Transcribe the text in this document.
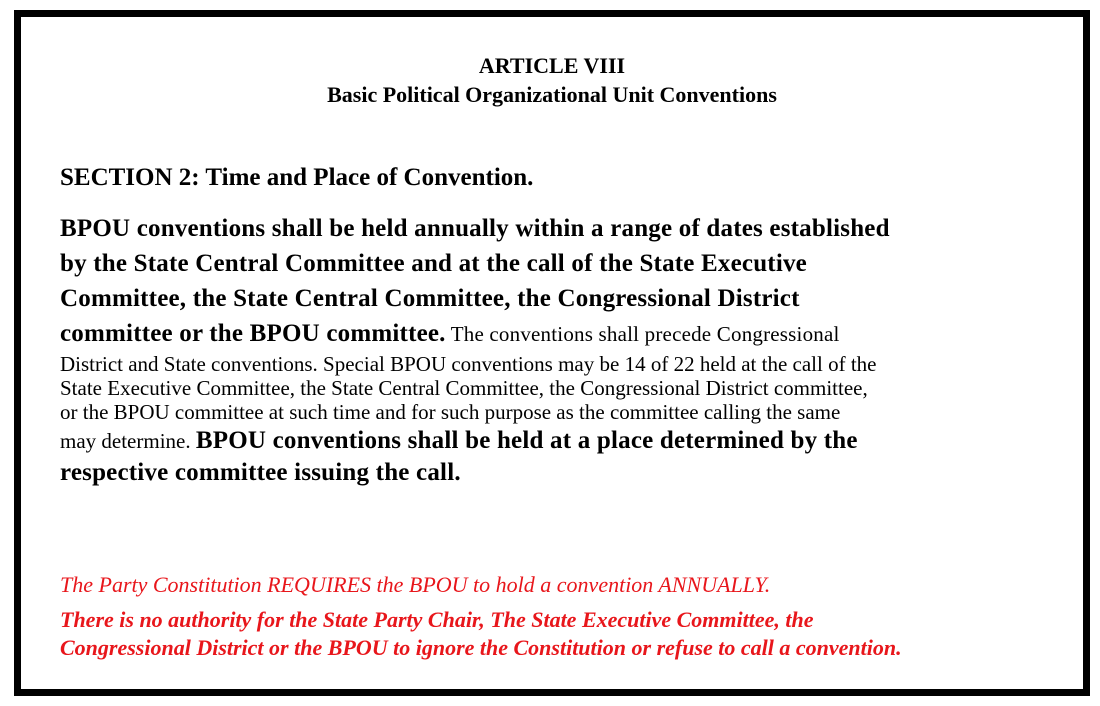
ARTICLE VIII
Basic Political Organizational Unit Conventions
SECTION 2: Time and Place of Convention.
BPOU conventions shall be held annually within a range of dates established
by the State Central Committee and at the call of the State Executive
Committee, the State Central Committee, the Congressional District
committee or the BPOU committee. The conventions shall precede Congressional
District and State conventions. Special BPOU conventions may be 14 of 22 held at the call of the
State Executive Committee, the State Central Committee, the Congressional District committee,
or the BPOU committee at such time and for such purpose as the committee calling the same
may determine. BPOU conventions shall be held at a place determined by the
respective committee issuing the call.
The Party Constitution REQUIRES the BPOU to hold a convention ANNUALLY.
There is no authority for the State Party Chair, The State Executive Committee, the
Congressional District or the BPOU to ignore the Constitution or refuse to call a convention.
